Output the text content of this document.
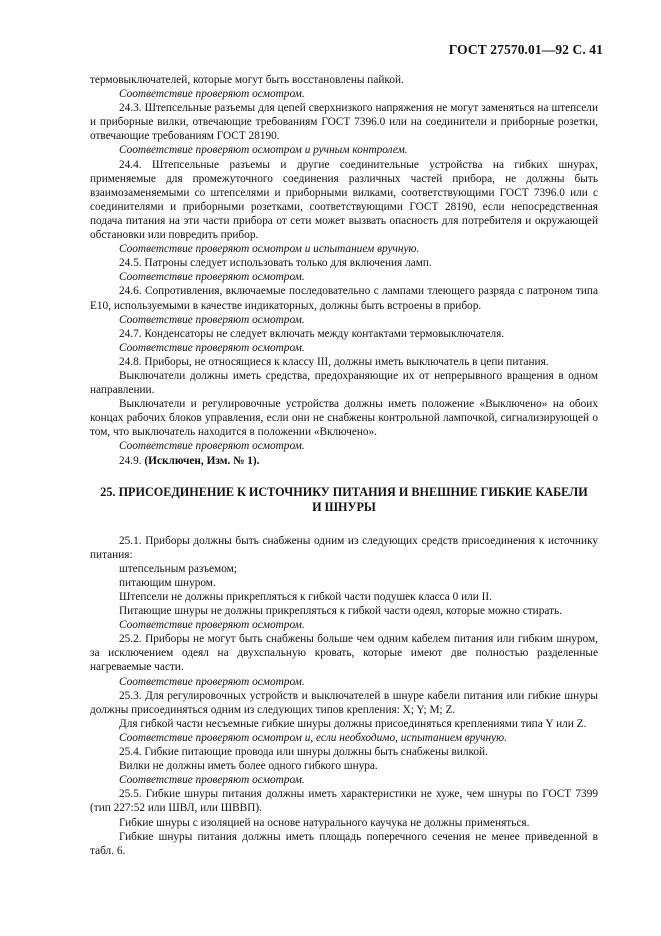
ГОСТ 27570.01—92 С. 41

термовыключателей, которые могут быть восстановлены пайкой.

Соответствие проверяют осмотром.

24.3. Штепсельные разъемы для цепей сверхнизкого напряжения не могут заменяться на штепсели и приборные вилки, отвечающие требованиям ГОСТ 7396.0 или на соединители и приборные розетки, отвечающие требованиям ГОСТ 28190.

Соответствие проверяют осмотром и ручным контролем.

24.4. Штепсельные разъемы и другие соединительные устройства на гибких шнурах, применяемые для промежуточного соединения различных частей прибора, не должны быть взаимозаменяемыми со штепселями и приборными вилками, соответствующими ГОСТ 7396.0 или с соединителями и приборными розетками, соответствующими ГОСТ 28190, если непосредственная подача питания на эти части прибора от сети может вызвать опасность для потребителя и окружающей обстановки или повредить прибор.

Соответствие проверяют осмотром и испытанием вручную.

24.5. Патроны следует использовать только для включения ламп.

Соответствие проверяют осмотром.

24.6. Сопротивления, включаемые последовательно с лампами тлеющего разряда с патроном типа Е10, используемыми в качестве индикаторных, должны быть встроены в прибор.

Соответствие проверяют осмотром.

24.7. Конденсаторы не следует включать между контактами термовыключателя.

Соответствие проверяют осмотром.

24.8. Приборы, не относящиеся к классу III, должны иметь выключатель в цепи питания.

Выключатели должны иметь средства, предохраняющие их от непрерывного вращения в одном направлении.

Выключатели и регулировочные устройства должны иметь положение «Выключено» на обоих концах рабочих блоков управления, если они не снабжены контрольной лампочкой, сигнализирующей о том, что выключатель находится в положении «Включено».

Соответствие проверяют осмотром.

24.9. (Исключен, Изм. № 1).

25. ПРИСОЕДИНЕНИЕ К ИСТОЧНИКУ ПИТАНИЯ И ВНЕШНИЕ ГИБКИЕ КАБЕЛИ
И ШНУРЫ

25.1. Приборы должны быть снабжены одним из следующих средств присоединения к источнику питания:

штепсельным разъемом;

питающим шнуром.

Штепсели не должны прикрепляться к гибкой части подушек класса 0 или II.

Питающие шнуры не должны прикрепляться к гибкой части одеял, которые можно стирать.

Соответствие проверяют осмотром.

25.2. Приборы не могут быть снабжены больше чем одним кабелем питания или гибким шнуром, за исключением одеял на двухспальную кровать, которые имеют две полностью разделенные нагреваемые части.

Соответствие проверяют осмотром.

25.3. Для регулировочных устройств и выключателей в шнуре кабели питания или гибкие шнуры должны присоединяться одним из следующих типов крепления: X; Y; M; Z.

Для гибкой части несъемные гибкие шнуры должны присоединяться креплениями типа Y или Z.

Соответствие проверяют осмотром и, если необходимо, испытанием вручную.

25.4. Гибкие питающие провода или шнуры должны быть снабжены вилкой.

Вилки не должны иметь более одного гибкого шнура.

Соответствие проверяют осмотром.

25.5. Гибкие шнуры питания должны иметь характеристики не хуже, чем шнуры по ГОСТ 7399 (тип 227:52 или ШВЛ, или ШВВП).

Гибкие шнуры с изоляцией на основе натурального каучука не должны применяться.

Гибкие шнуры питания должны иметь площадь поперечного сечения не менее приведенной в табл. 6.
